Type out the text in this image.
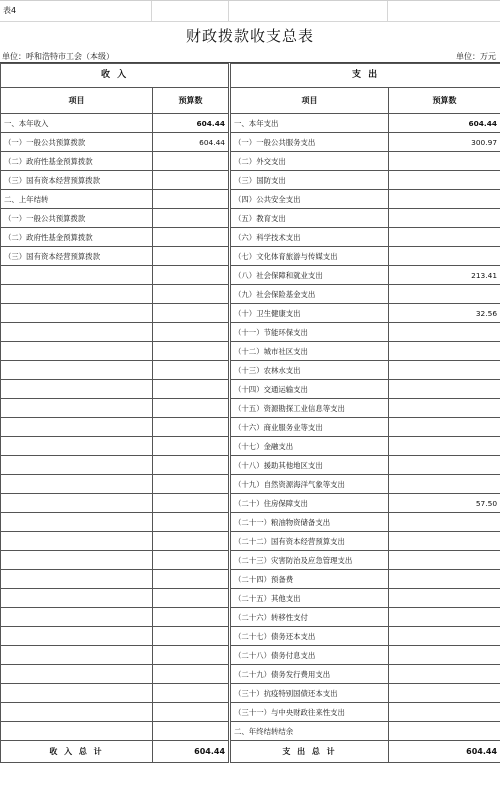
表4
财政拨款收支总表
单位：呼和浩特市工会（本级）	单位：万元
收 入		支 出	
项目	预算数	项目	预算数
一、本年收入	604.44	一、本年支出	604.44
（一）一般公共预算拨款	604.44	（一）一般公共服务支出	300.97
（二）政府性基金预算拨款		（二）外交支出	
（三）国有资本经营预算拨款		（三）国防支出	
二、上年结转		（四）公共安全支出	
（一）一般公共预算拨款		（五）教育支出	
（二）政府性基金预算拨款		（六）科学技术支出	
（三）国有资本经营预算拨款		（七）文化体育旅游与传媒支出	
		（八）社会保障和就业支出	213.41
		（九）社会保险基金支出	
		（十）卫生健康支出	32.56
		（十一）节能环保支出	
		（十二）城市社区支出	
		（十三）农林水支出	
		（十四）交通运输支出	
		（十五）资源勘探工业信息等支出	
		（十六）商业服务业等支出	
		（十七）金融支出	
		（十八）援助其他地区支出	
		（十九）自然资源海洋气象等支出	
		（二十）住房保障支出	57.50
		（二十一）粮油物资储备支出	
		（二十二）国有资本经营预算支出	
		（二十三）灾害防治及应急管理支出	
		（二十四）预备费	
		（二十五）其他支出	
		（二十六）转移性支付	
		（二十七）债务还本支出	
		（二十八）债务付息支出	
		（二十九）债务发行费用支出	
		（三十）抗疫特别国债还本支出	
		（三十一）与中央财政往来性支出	
		二、年终结转结余	
收 入 总 计	604.44	支 出 总 计	604.44
